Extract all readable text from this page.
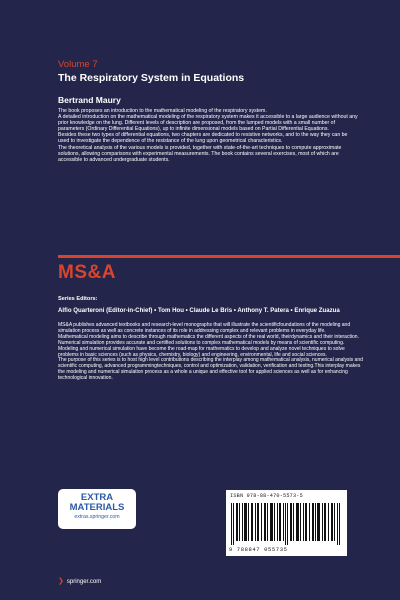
Volume 7
The Respiratory System in Equations
Bertrand Maury

The book proposes an introduction to the mathematical modeling of the respiratory system.

A detailed introduction on the mathematical modeling of the respiratory system makes it accessible to a large audience without any prior knowledge on the lung. Different levels of description are proposed, from the lumped models with a small number of parameters (Ordinary Differential Equations), up to infinite dimensional models based on Partial Differential Equations.

Besides these two types of differential equations, two chapters are dedicated to resistive networks, and to the way they can be used to investigate the dependence of the resistance of the lung upon geometrical characteristics.

The theoretical analysis of the various models is provided, together with state-of-the-art techniques to compute approximate solutions, allowing comparisons with experimental measurements. The book contains several exercises, most of which are accessible to advanced undergraduate students.

MS&A
Series Editors:
Alfio Quarteroni (Editor-in-Chief) • Tom Hou • Claude Le Bris • Anthony T. Patera • Enrique Zuazua

MS&A publishes advanced textbooks and research-level monographs that will illustrate the scientificfoundations of the modeling and simulation process as well as concrete instances of its role in addressing complex and relevant problems in everyday life.

Mathematical modeling aims to describe through mathematics the different aspects of the real world, theirdynamics and their interaction. Numerical simulation provides accurate and certified solutions to complex mathematical models by means of scientific computing. Modeling and numerical simulation have become the road-map for mathematics to develop and analyze novel techniques to solve problems in basic sciences (such as physics, chemistry, biology) and engineering, environmental, life and social sciences.

The purpose of this series is to host high level contributions describing the interplay among mathematical analysis, numerical analysis and scientific computing, advanced programmingtechniques, control and optimization, validation, verification and testing.This interplay makes the modeling and numerical simulation process as a whole a unique and effective tool for applied sciences as well as for enhancing technological innovation.

EXTRA
MATERIALS
extras.springer.com
ISBN 978-88-470-5573-5
9 788847 055735
❯ springer.com
